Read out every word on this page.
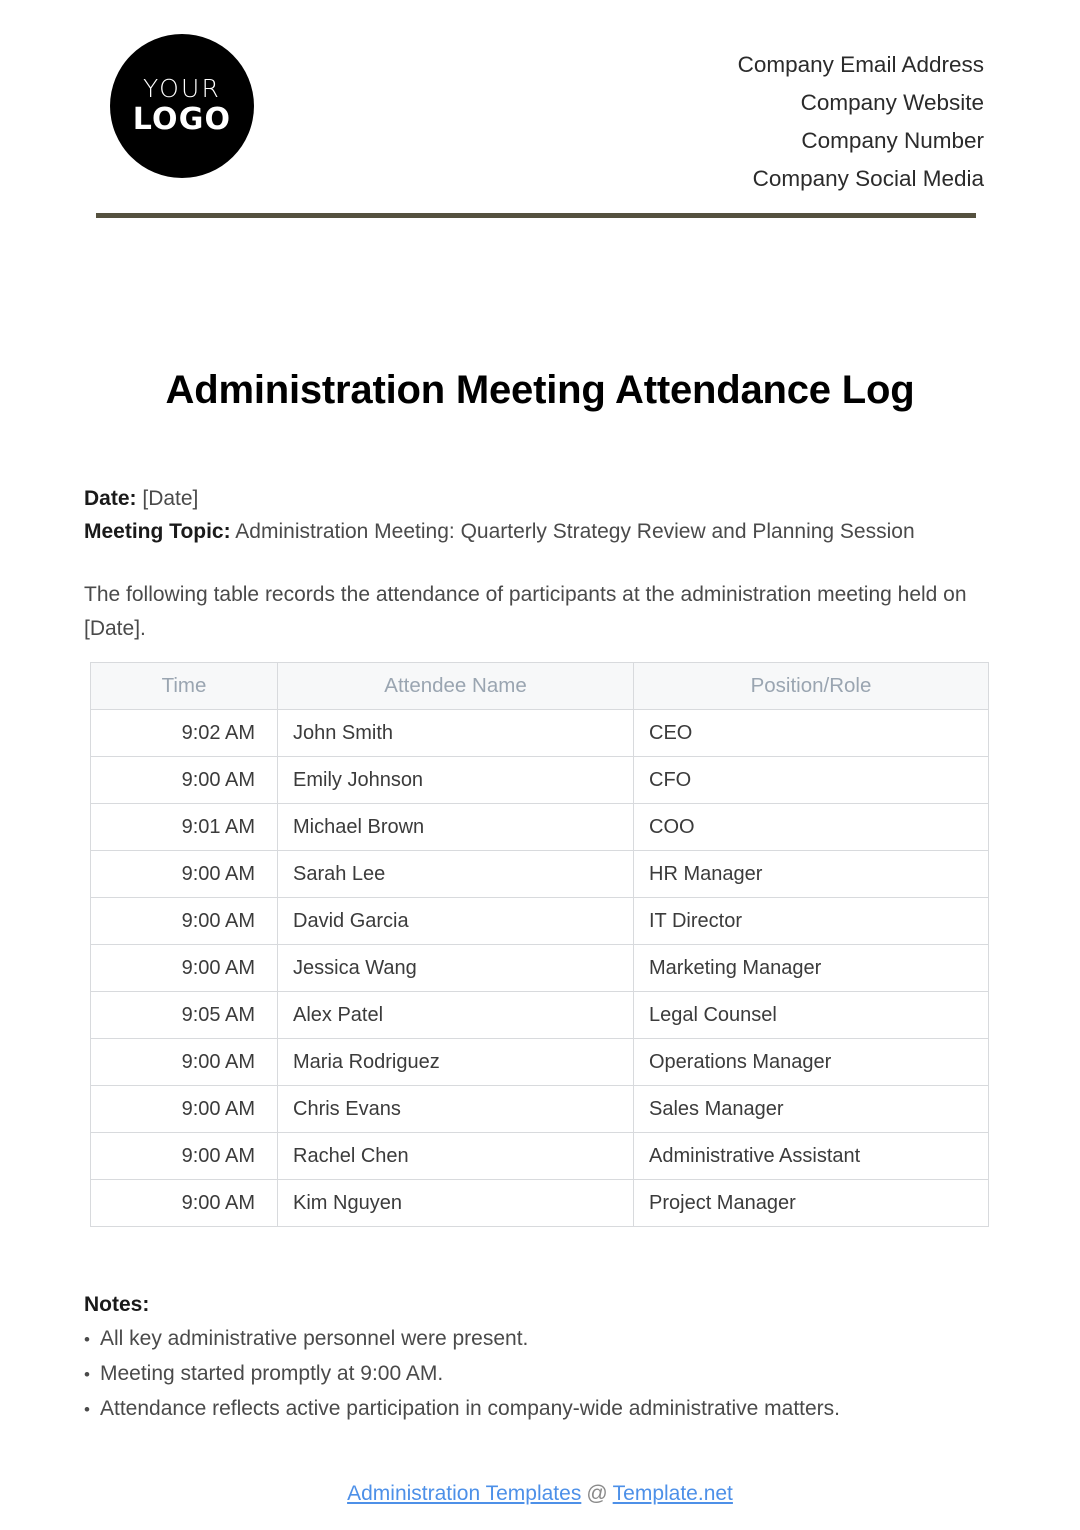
YOUR
LOGO
Company Email Address
Company Website
Company Number
Company Social Media
Administration Meeting Attendance Log
Date: [Date]
Meeting Topic: Administration Meeting: Quarterly Strategy Review and Planning Session
The following table records the attendance of participants at the administration meeting held on [Date].
Time	Attendee Name	Position/Role
9:02 AM	John Smith	CEO
9:00 AM	Emily Johnson	CFO
9:01 AM	Michael Brown	COO
9:00 AM	Sarah Lee	HR Manager
9:00 AM	David Garcia	IT Director
9:00 AM	Jessica Wang	Marketing Manager
9:05 AM	Alex Patel	Legal Counsel
9:00 AM	Maria Rodriguez	Operations Manager
9:00 AM	Chris Evans	Sales Manager
9:00 AM	Rachel Chen	Administrative Assistant
9:00 AM	Kim Nguyen	Project Manager
Notes:
• All key administrative personnel were present.
• Meeting started promptly at 9:00 AM.
• Attendance reflects active participation in company-wide administrative matters.
Administration Templates @ Template.net
